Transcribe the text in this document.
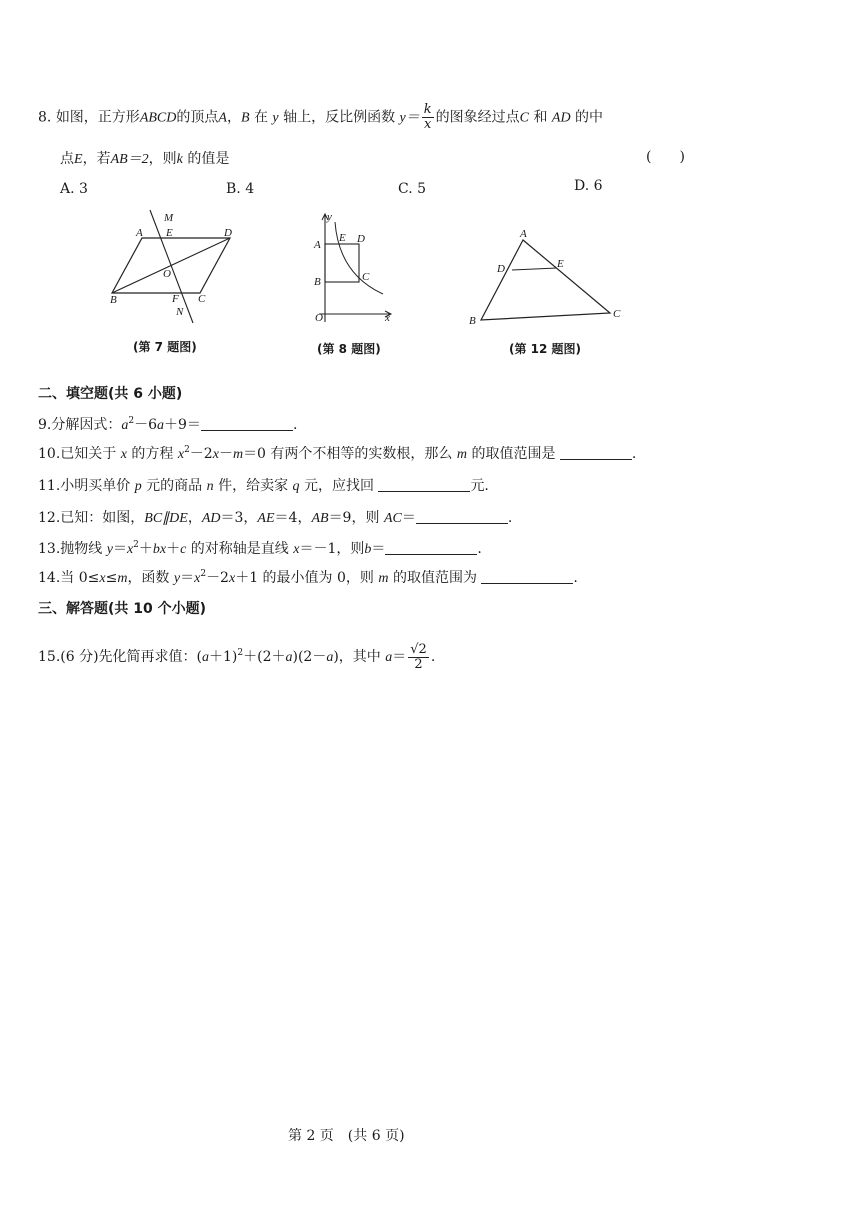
8. 如图，正方形ABCD的顶点A，B 在 y 轴上，反比例函数 $y= \frac{k}{x}$ 的图象经过点C 和 AD 的中
点E，若AB＝2，则k 的值是	(　　)
A. 3	B. 4	C. 5	D. 6
A E	D
M
O
B	F C
N
(第 7 题图)
y
A
E D
B	C
O	x
(第 8 题图)
A
D	E
B
C
(第 12 题图)
二、填空题(共 6 小题)
9.分解因式：$a^2-6a+9=$	.
10.已知关于 x 的方程 $x^2-2x-m=0$ 有两个不相等的实数根，那么 m 的取值范围是	.
11.小明买单价 p 元的商品 n 件，给卖家 q 元，应找回	元.
12.已知：如图，BC∥DE，AD＝3，AE＝4，AB＝9，则 AC＝	.
13.抛物线 $y=x^2+bx+c$ 的对称轴是直线 x＝－1，则b＝	.
14.当 0≤x≤m，函数 $y=x^2-2x+1$ 的最小值为 0，则 m 的取值范围为	.
三、解答题(共 10 个小题)
15.(6 分)先化简再求值：$(a+1)^2+(2+a)(2-a)$，其中 $a= \frac{√2}{2}$ .
第 2 页　(共 6 页)
